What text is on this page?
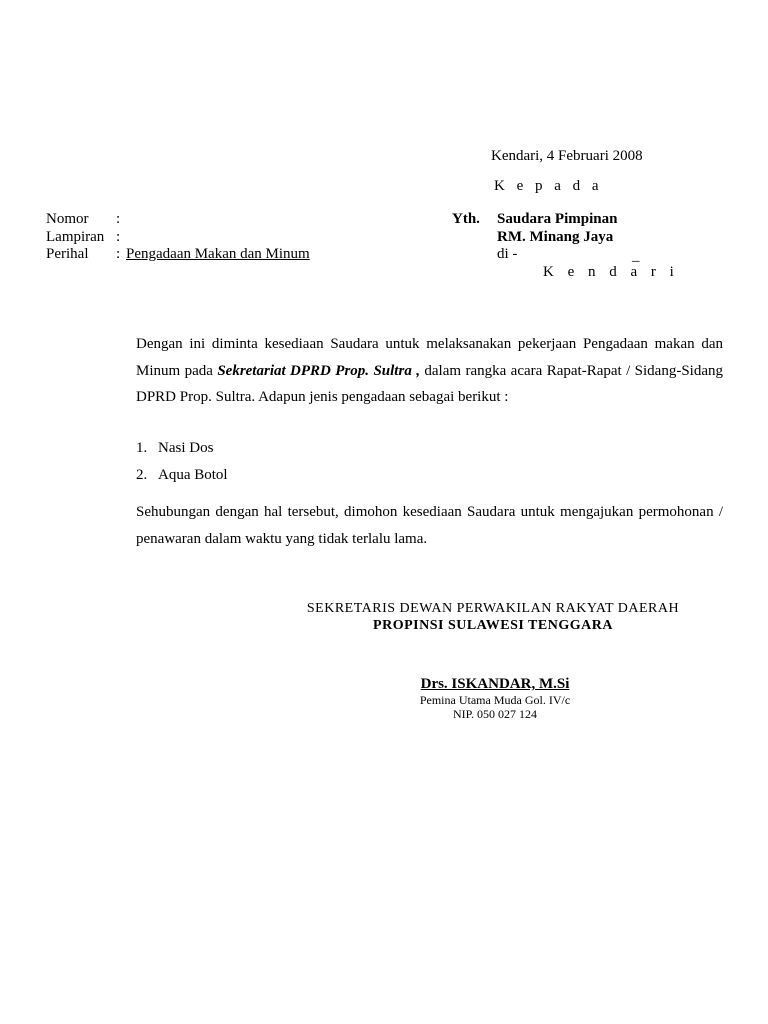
Kendari, 4 Februari 2008
K e p a d a
Nomor :
Lampiran :
Perihal : Pengadaan Makan dan Minum
Yth. Saudara Pimpinan
RM. Minang Jaya
di -	_
K e n d a r i

Dengan ini diminta kesediaan Saudara untuk melaksanakan pekerjaan Pengadaan makan dan Minum pada Sekretariat DPRD Prop. Sultra , dalam rangka acara Rapat-Rapat / Sidang-Sidang DPRD Prop. Sultra. Adapun jenis pengadaan sebagai berikut :

1. Nasi Dos
2. Aqua Botol

Sehubungan dengan hal tersebut, dimohon kesediaan Saudara untuk mengajukan permohonan / penawaran dalam waktu yang tidak terlalu lama.

SEKRETARIS DEWAN PERWAKILAN RAKYAT DAERAH
PROPINSI SULAWESI TENGGARA
Drs. ISKANDAR, M.Si
Pemina Utama Muda Gol. IV/c
NIP. 050 027 124
